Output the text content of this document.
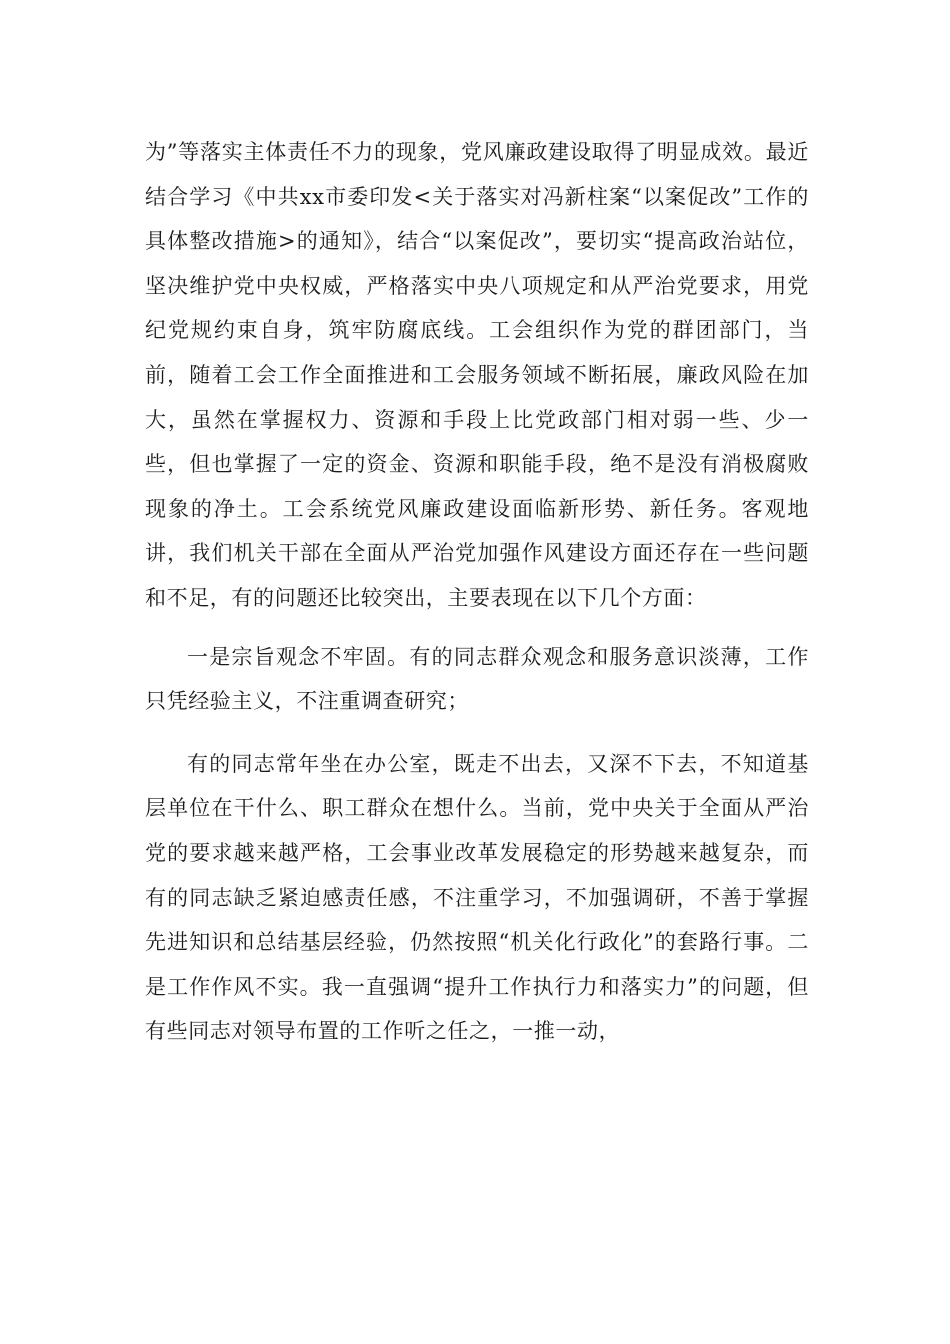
为”等落实主体责任不力的现象，党风廉政建设取得了明显成效。最近结合学习《中共xx市委印发<关于落实对冯新柱案“以案促改”工作的具体整改措施>的通知》，结合“以案促改”，要切实“提高政治站位，坚决维护党中央权威，严格落实中央八项规定和从严治党要求，用党纪党规约束自身，筑牢防腐底线。工会组织作为党的群团部门，当前，随着工会工作全面推进和工会服务领域不断拓展，廉政风险在加大，虽然在掌握权力、资源和手段上比党政部门相对弱一些、少一些，但也掌握了一定的资金、资源和职能手段，绝不是没有消极腐败现象的净土。工会系统党风廉政建设面临新形势、新任务。客观地讲，我们机关干部在全面从严治党加强作风建设方面还存在一些问题和不足，有的问题还比较突出，主要表现在以下几个方面：

一是宗旨观念不牢固。有的同志群众观念和服务意识淡薄，工作只凭经验主义，不注重调查研究；

有的同志常年坐在办公室，既走不出去，又深不下去，不知道基层单位在干什么、职工群众在想什么。当前，党中央关于全面从严治党的要求越来越严格，工会事业改革发展稳定的形势越来越复杂，而有的同志缺乏紧迫感责任感，不注重学习，不加强调研，不善于掌握先进知识和总结基层经验，仍然按照“机关化行政化”的套路行事。二是工作作风不实。我一直强调“提升工作执行力和落实力”的问题，但有些同志对领导布置的工作听之任之，一推一动，
